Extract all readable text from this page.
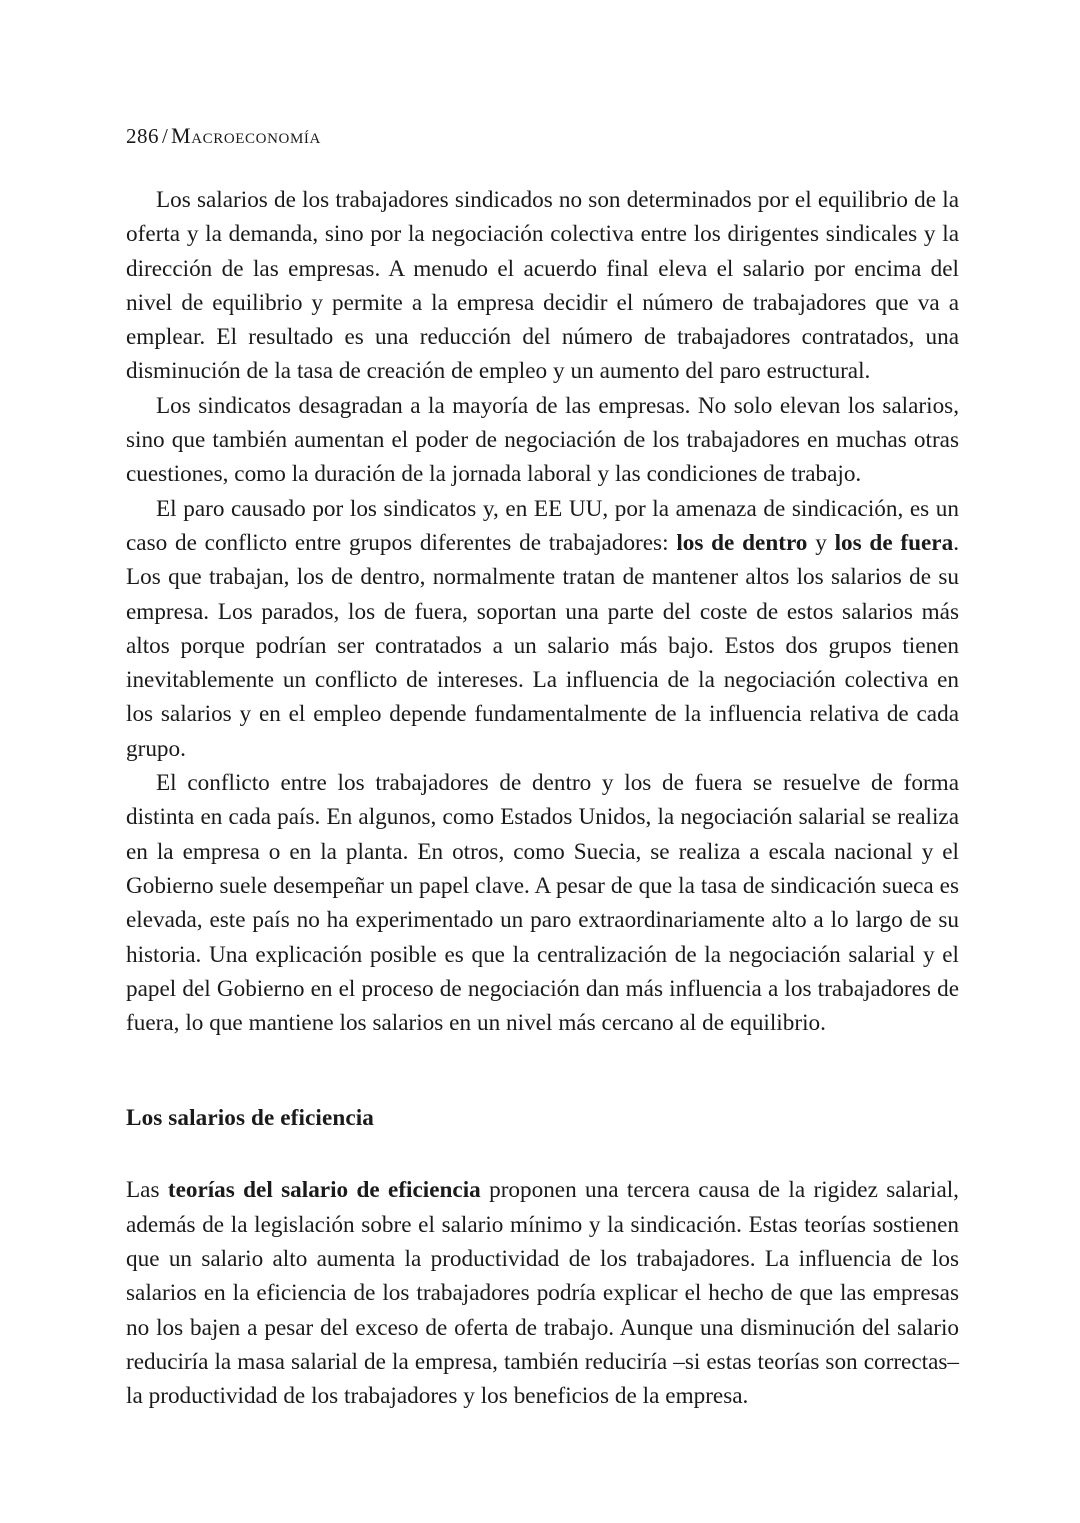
286 / Macroeconomía

Los salarios de los trabajadores sindicados no son determinados por el equilibrio de la oferta y la demanda, sino por la negociación colectiva entre los dirigentes sindicales y la dirección de las empresas. A menudo el acuerdo final eleva el salario por encima del nivel de equilibrio y permite a la empresa decidir el número de trabajadores que va a emplear. El resultado es una reducción del número de trabajadores contratados, una disminución de la tasa de creación de empleo y un aumento del paro estructural.

Los sindicatos desagradan a la mayoría de las empresas. No solo elevan los salarios, sino que también aumentan el poder de negociación de los trabajadores en muchas otras cuestiones, como la duración de la jornada laboral y las condiciones de trabajo.

El paro causado por los sindicatos y, en EE UU, por la amenaza de sindicación, es un caso de conflicto entre grupos diferentes de trabajadores: los de dentro y los de fuera. Los que trabajan, los de dentro, normalmente tratan de mantener altos los salarios de su empresa. Los parados, los de fuera, soportan una parte del coste de estos salarios más altos porque podrían ser contratados a un salario más bajo. Estos dos grupos tienen inevitablemente un conflicto de intereses. La influencia de la negociación colectiva en los salarios y en el empleo depende fundamentalmente de la influencia relativa de cada grupo.

El conflicto entre los trabajadores de dentro y los de fuera se resuelve de forma distinta en cada país. En algunos, como Estados Unidos, la negociación salarial se realiza en la empresa o en la planta. En otros, como Suecia, se realiza a escala nacional y el Gobierno suele desempeñar un papel clave. A pesar de que la tasa de sindicación sueca es elevada, este país no ha experimentado un paro extraordinariamente alto a lo largo de su historia. Una explicación posible es que la centralización de la negociación salarial y el papel del Gobierno en el proceso de negociación dan más influencia a los trabajadores de fuera, lo que mantiene los salarios en un nivel más cercano al de equilibrio.

Los salarios de eficiencia

Las teorías del salario de eficiencia proponen una tercera causa de la rigidez salarial, además de la legislación sobre el salario mínimo y la sindicación. Estas teorías sostienen que un salario alto aumenta la productividad de los trabajadores. La influencia de los salarios en la eficiencia de los trabajadores podría explicar el hecho de que las empresas no los bajen a pesar del exceso de oferta de trabajo. Aunque una disminución del salario reduciría la masa salarial de la empresa, también reduciría –si estas teorías son correctas– la productividad de los trabajadores y los beneficios de la empresa.
